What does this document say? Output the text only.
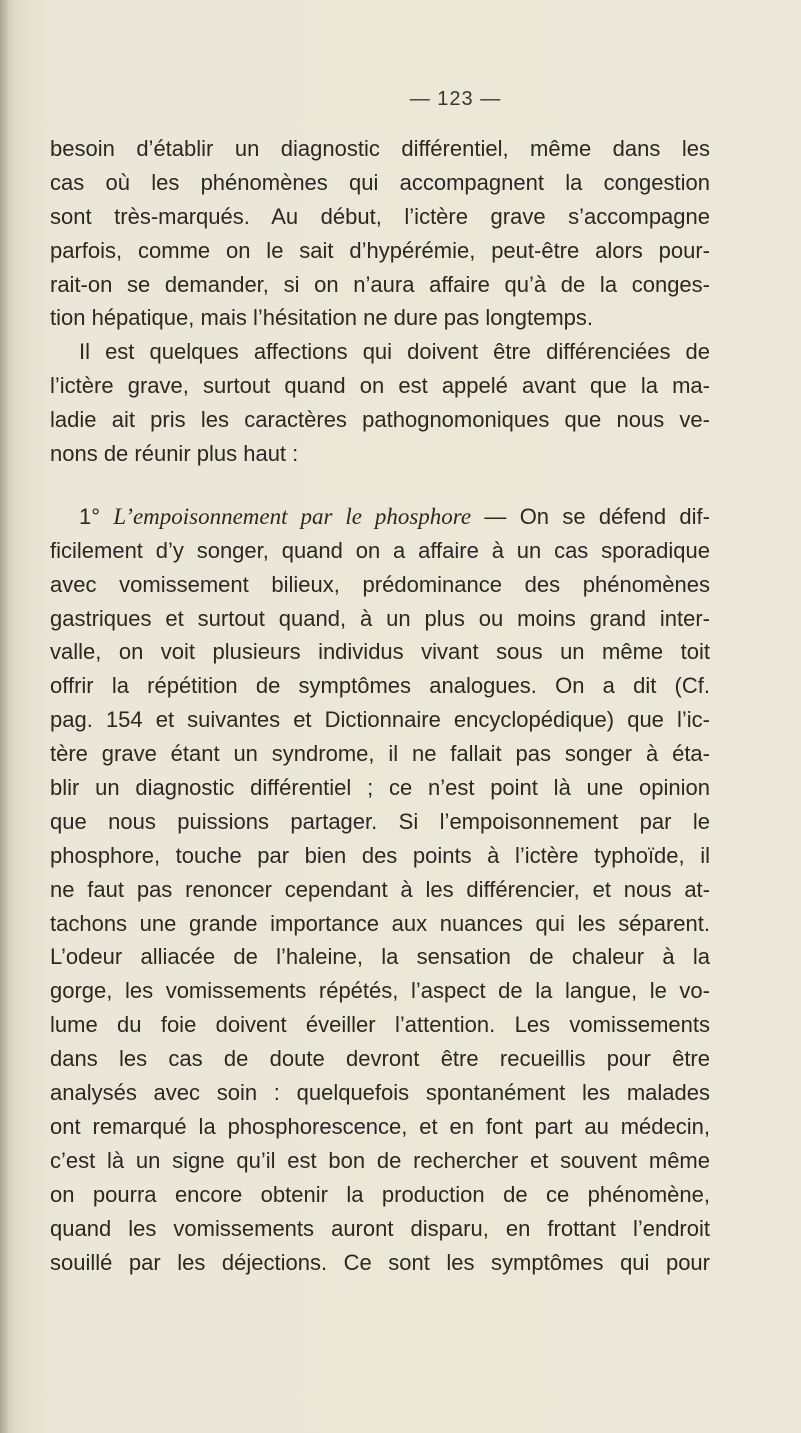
— 123 —
besoin d’établir un diagnostic différentiel, même dans les
cas où les phénomènes qui accompagnent la congestion
sont très-marqués. Au début, l’ictère grave s’accompagne
parfois, comme on le sait d’hypérémie, peut-être alors pour-
rait-on se demander, si on n’aura affaire qu’à de la conges-
tion hépatique, mais l’hésitation ne dure pas longtemps.
Il est quelques affections qui doivent être différenciées de
l’ictère grave, surtout quand on est appelé avant que la ma-
ladie ait pris les caractères pathognomoniques que nous ve-
nons de réunir plus haut :
1° L’empoisonnement par le phosphore — On se défend dif-
ficilement d’y songer, quand on a affaire à un cas sporadique
avec vomissement bilieux, prédominance des phénomènes
gastriques et surtout quand, à un plus ou moins grand inter-
valle, on voit plusieurs individus vivant sous un même toit
offrir la répétition de symptômes analogues. On a dit (Cf.
pag. 154 et suivantes et Dictionnaire encyclopédique) que l’ic-
tère grave étant un syndrome, il ne fallait pas songer à éta-
blir un diagnostic différentiel ; ce n’est point là une opinion
que nous puissions partager. Si l’empoisonnement par le
phosphore, touche par bien des points à l’ictère typhoïde, il
ne faut pas renoncer cependant à les différencier, et nous at-
tachons une grande importance aux nuances qui les séparent.
L’odeur alliacée de l’haleine, la sensation de chaleur à la
gorge, les vomissements répétés, l’aspect de la langue, le vo-
lume du foie doivent éveiller l’attention. Les vomissements
dans les cas de doute devront être recueillis pour être
analysés avec soin : quelquefois spontanément les malades
ont remarqué la phosphorescence, et en font part au médecin,
c’est là un signe qu’il est bon de rechercher et souvent même
on pourra encore obtenir la production de ce phénomène,
quand les vomissements auront disparu, en frottant l’endroit
souillé par les déjections. Ce sont les symptômes qui pour
